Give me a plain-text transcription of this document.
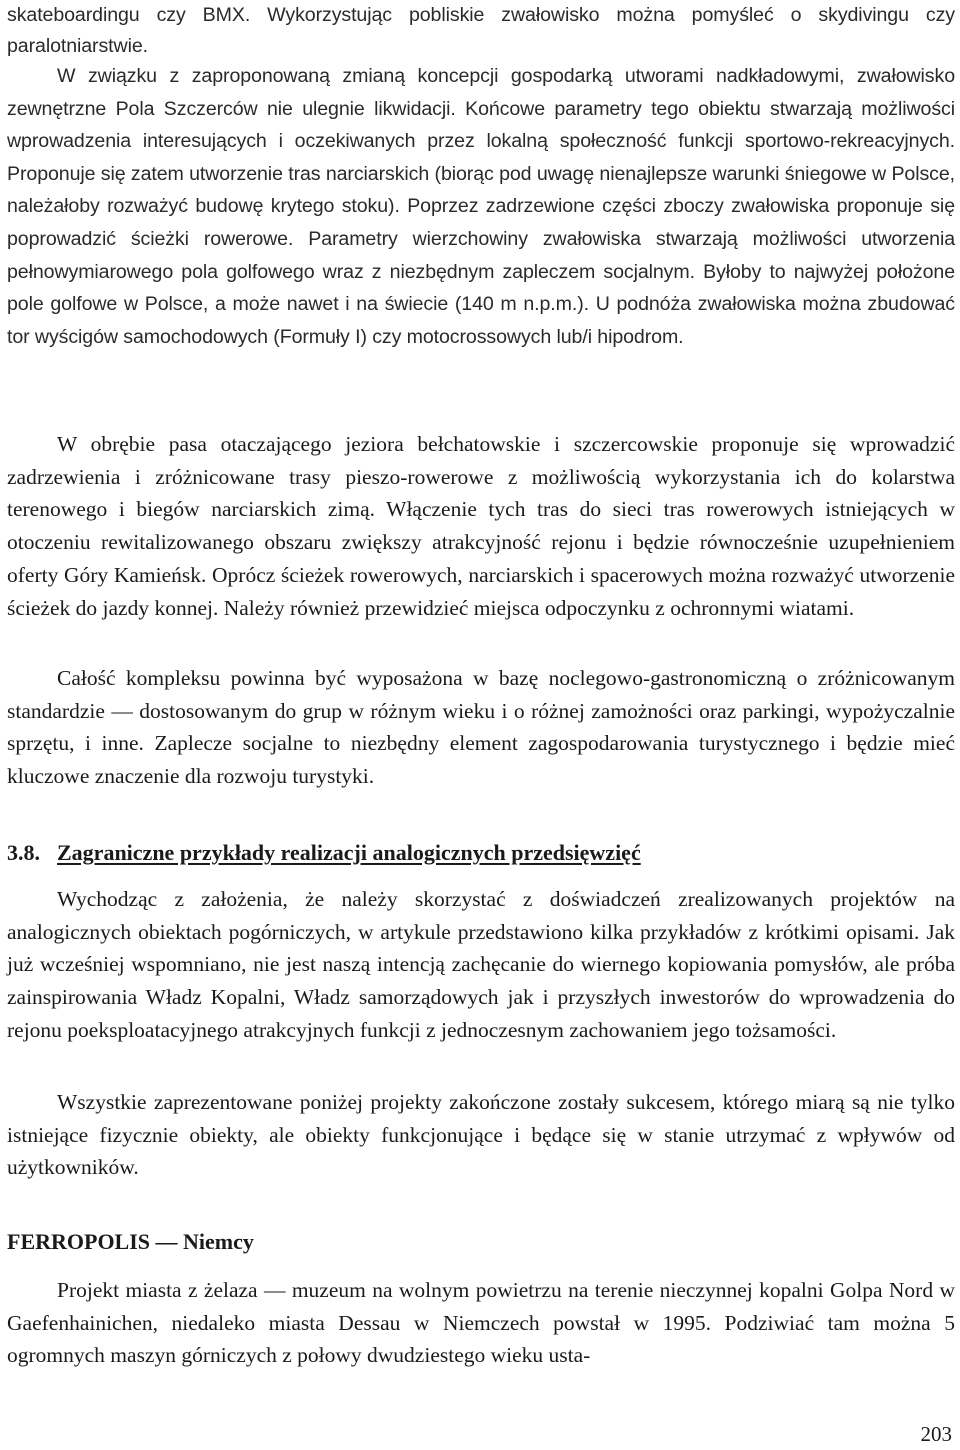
skateboardingu czy BMX. Wykorzystując pobliskie zwałowisko można pomyśleć o skydivingu czy paralotniarstwie.

W związku z zaproponowaną zmianą koncepcji gospodarką utworami nadkładowymi, zwałowisko zewnętrzne Pola Szczerców nie ulegnie likwidacji. Końcowe parametry tego obiektu stwarzają możliwości wprowadzenia interesujących i oczekiwanych przez lokalną społeczność funkcji sportowo-rekreacyjnych. Proponuje się zatem utworzenie tras narciarskich (biorąc pod uwagę nienajlepsze warunki śniegowe w Polsce, należałoby rozważyć budowę krytego stoku). Poprzez zadrzewione części zboczy zwałowiska proponuje się poprowadzić ścieżki rowerowe. Parametry wierzchowiny zwałowiska stwarzają możliwości utworzenia pełnowymiarowego pola golfowego wraz z niezbędnym zapleczem socjalnym. Byłoby to najwyżej położone pole golfowe w Polsce, a może nawet i na świecie (140 m n.p.m.). U podnóża zwałowiska można zbudować tor wyścigów samochodowych (Formuły I) czy motocrossowych lub/i hipodrom.

W obrębie pasa otaczającego jeziora bełchatowskie i szczercowskie proponuje się wprowadzić zadrzewienia i zróżnicowane trasy pieszo-rowerowe z możliwością wykorzystania ich do kolarstwa terenowego i biegów narciarskich zimą. Włączenie tych tras do sieci tras rowerowych istniejących w otoczeniu rewitalizowanego obszaru zwiększy atrakcyjność rejonu i będzie równocześnie uzupełnieniem oferty Góry Kamieńsk. Oprócz ścieżek rowerowych, narciarskich i spacerowych można rozważyć utworzenie ścieżek do jazdy konnej. Należy również przewidzieć miejsca odpoczynku z ochronnymi wiatami.

Całość kompleksu powinna być wyposażona w bazę noclegowo-gastronomiczną o zróżnicowanym standardzie — dostosowanym do grup w różnym wieku i o różnej zamożności oraz parkingi, wypożyczalnie sprzętu, i inne. Zaplecze socjalne to niezbędny element zagospodarowania turystycznego i będzie mieć kluczowe znaczenie dla rozwoju turystyki.

3.8. Zagraniczne przykłady realizacji analogicznych przedsięwzięć

Wychodząc z założenia, że należy skorzystać z doświadczeń zrealizowanych projektów na analogicznych obiektach pogórniczych, w artykule przedstawiono kilka przykładów z krótkimi opisami. Jak już wcześniej wspomniano, nie jest naszą intencją zachęcanie do wiernego kopiowania pomysłów, ale próba zainspirowania Władz Kopalni, Władz samorządowych jak i przyszłych inwestorów do wprowadzenia do rejonu poeksploatacyjnego atrakcyjnych funkcji z jednoczesnym zachowaniem jego tożsamości.

Wszystkie zaprezentowane poniżej projekty zakończone zostały sukcesem, którego miarą są nie tylko istniejące fizycznie obiekty, ale obiekty funkcjonujące i będące się w stanie utrzymać z wpływów od użytkowników.

FERROPOLIS — Niemcy

Projekt miasta z żelaza — muzeum na wolnym powietrzu na terenie nieczynnej kopalni Golpa Nord w Gaefenhainichen, niedaleko miasta Dessau w Niemczech powstał w 1995. Podziwiać tam można 5 ogromnych maszyn górniczych z połowy dwudziestego wieku usta-

203
